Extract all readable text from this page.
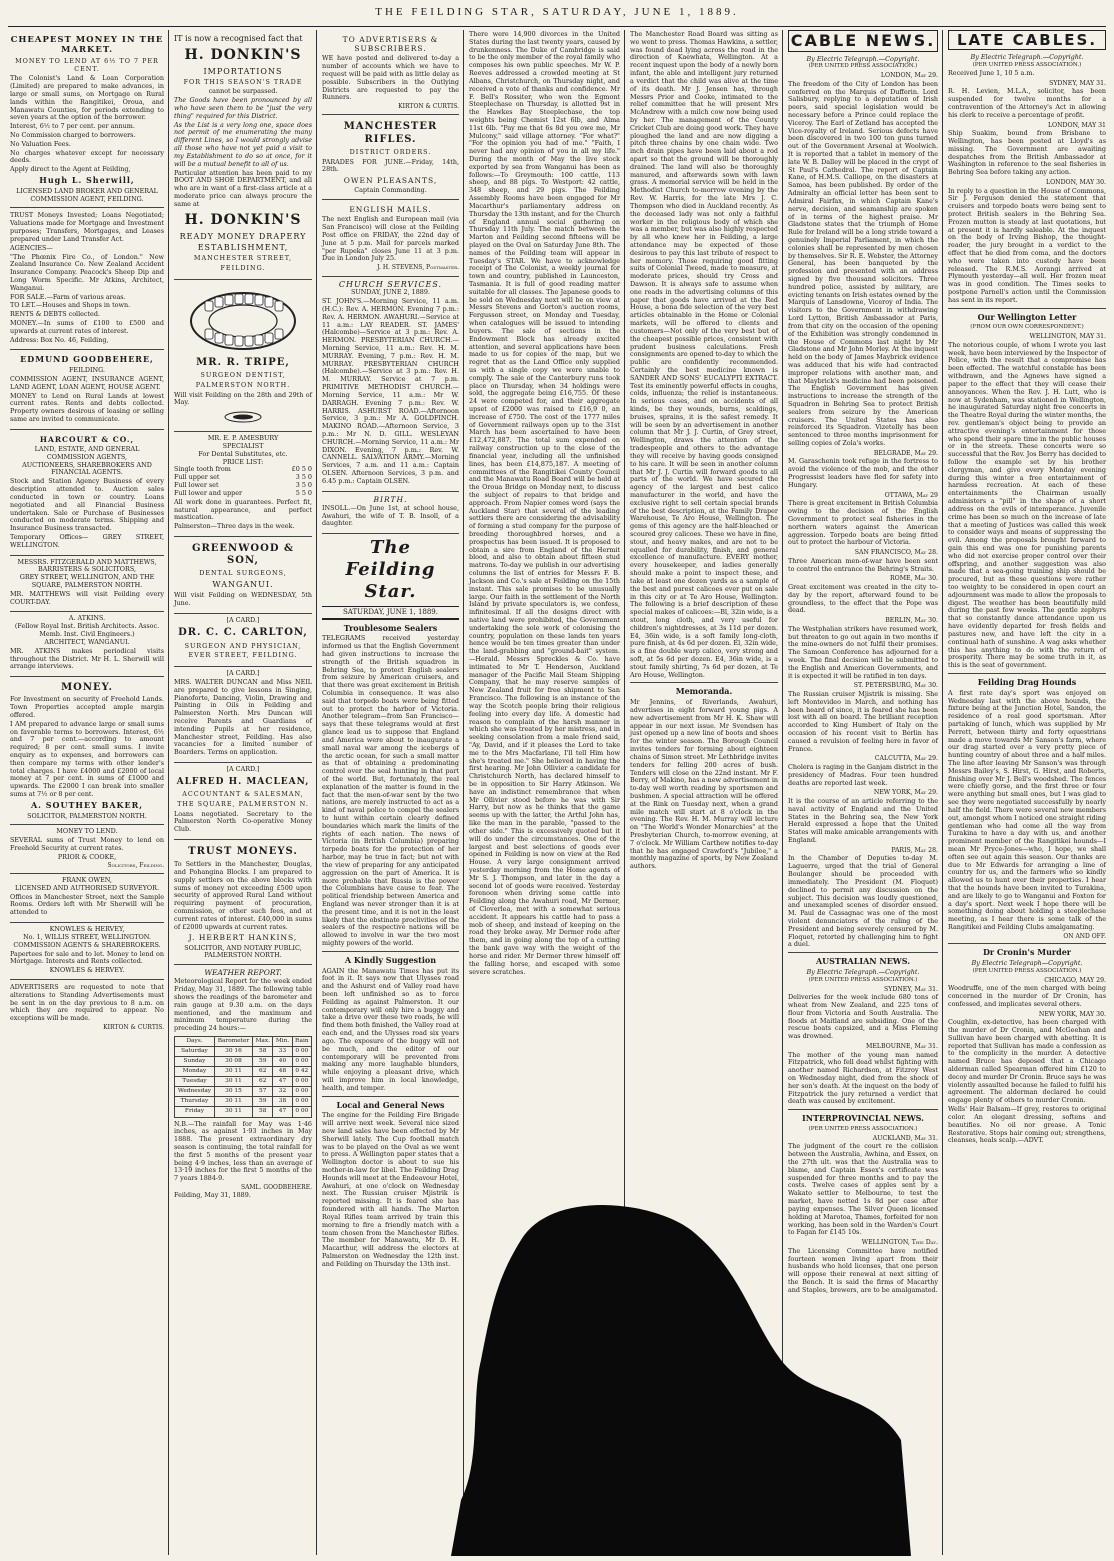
THE FEILDING STAR, SATURDAY, JUNE 1, 1889.
CHEAPEST MONEY IN THE MARKET.
MONEY TO LEND AT 6½ TO 7 PER CENT.

The Colonist's Land & Loan Corporation (Limited) are prepared to make advances, in large or small sums, on Mortgage on Rural lands within the Rangitikei, Oroua, and Manawatu Counties, for periods extending to seven years at the option of the borrower.

Interest, 6½ to 7 per cent. per annum.

No Commission charged to borrowers.

No Valuation Fees.

No charges whatever except for necessary deeds.

Apply direct to the Agent at Feilding,

Hugh L. Sherwill,
LICENSED LAND BROKER AND GENERAL COMMISSION AGENT, FEILDING.

TRUST Moneys Invested; Loans Negotiated; Valuations made for Mortgage and Investment purposes; Transfers, Mortgages, and Leases prepared under Land Transfer Act.

AGENCIES—

"The Phœnix Fire Co., of London." New Zealand Insurance Co. New Zealand Accident Insurance Company. Peacock's Sheep Dip and Long Worm Specific. Mr Atkins, Architect, Wanganui.

FOR SALE.—Farm of various areas.

TO LET.—Houses and Shops in town.

RENTS & DEBTS collected.

MONEY.—In sums of £100 to £500 and upwards at current rates of interest.

Address: Box No. 46, Feilding,

EDMUND GOODBEHERE,
FEILDING.

COMMISSION AGENT, INSURANCE AGENT, LAND AGENT, LOAN AGENT, HOUSE AGENT.

MONEY to Lend on Rural Lands at lowest current rates. Rents and debts collected. Property owners desirous of leasing or selling same are invited to communicate.

HARCOURT & CO.,
LAND, ESTATE, AND GENERAL COMMISSION AGENTS,
AUCTIONEERS, SHAREBROKERS AND FINANCIAL AGENTS.

Stock and Station Agency Business of every description attended to. Auction sales conducted in town or country. Loans negotiated and all Financial Business undertaken. Sale or Purchase of Businesses conducted on moderate terms. Shipping and Insurance Business transacted.

Temporary Offices— GREY STREET, WELLINGTON.

MESSRS. FITZGERALD AND MATTHEWS,
BARRISTERS & SOLICITORS,
GREY STREET, WELLINGTON, AND THE SQUARE, PALMERSTON NORTH.

MR. MATTHEWS will visit Feilding every COURT-DAY.

A. ATKINS.
(Fellow Royal Inst. British Architects. Assoc. Memb. Inst. Civil Engineers.)
ARCHITECT, WANGANUI.

MR. ATKINS makes periodical visits throughout the District. Mr H. L. Sherwill will arrange interviews.

MONEY.

For Investment on security of Freehold Lands. Town Properties accepted ample margin offered.

I AM prepared to advance large or small sums on favorable terms to borrowers. Interest, 6½ and 7 per cent.—according to amount required; 8 per cent. small sums. I invite enquiry as to expenses, and borrowers can then compare my terms with other lender's total charges. I have £4000 and £2000 of local money at 7 per cent. in sums of £1000 and upwards. The £2000 I can break into smaller sums at 7½ or 8 per cent.

A. SOUTHEY BAKER,
SOLICITOR, PALMERSTON NORTH.
MONEY TO LEND.

SEVERAL sums of Trust Money to lend on Freehold Security at current rates.

PRIOR & COOKE,
Solicitors, Feilding.
FRANK OWEN,
LICENSED AND AUTHORISED SURVEYOR.

Offices in Manchester Street, next the Sample Rooms. Orders left with Mr Sherwill will be attended to

KNOWLES & HERVEY,
No. 1, WILLIS STREET, WELLINGTON.
COMMISSION AGENTS & SHAREBROKERS.

Papertees for sale and to let. Money to lend on Mortgage. Interests and Rents collected.

KNOWLES & HERVEY.

ADVERTISERS are requested to note that alterations to Standing Advertisements must be sent in on the day previous to 8 a.m. on which they are required to appear. No exceptions will be made.

KIRTON & CURTIS.

IT is now a recognised fact that

H. DONKIN'S
IMPORTATIONS
FOR THIS SEASON'S TRADE
cannot be surpassed.

The Goods have been pronounced by all who have seen them to be "just the very thing" required for this District.

As the List is a very long one, space does not permit of me enumerating the many different Lines, so I would strongly advise all those who have not yet paid a visit to my Establishment to do so at once, for it will be a mutual benefit to all of us.

Particular attention has been paid to my BOOT AND SHOE DEPARTMENT, and all who are in want of a first-class article at a moderate price can always procure the same at

H. DONKIN'S
READY MONEY DRAPERY
ESTABLISHMENT,
MANCHESTER STREET,
FEILDING.
MR. R. TRIPE,
SURGEON DENTIST,
PALMERSTON NORTH.

Will visit Feilding on the 28th and 29th of May.

MR. E. P. AMESBURY
SPECIALIST
For Dental Substitutes, etc.
PRICE LIST:
Single tooth from	£0 5 0
Full upper set	3 5 0
Full lower set	3 5 0
Full lower and upper	5 5 0

All work done in guarantees. Perfect fit, natural appearance, and perfect mastication.

Palmerston—Three days in the week.

GREENWOOD & SON,
DENTAL SURGEONS,
WANGANUI.

Will visit Feilding on WEDNESDAY, 5th June.

[A CARD.]
DR. C. C. CARLTON,
SURGEON AND PHYSICIAN,
EVER STREET, FEILDING.
[A CARD.]

MRS. WALTER DUNCAN and Miss NEIL are prepared to give lessons in Singing, Pianoforte, Dancing, Violin, Drawing and Painting in Oils in Feilding and Palmerston North. Mrs Duncan will receive Parents and Guardians of intending Pupils at her residence, Manchester street, Feilding. Has also vacancies for a limited number of Boarders. Terms on application.

[A CARD.]
ALFRED H. MACLEAN,
ACCOUNTANT & SALESMAN,
THE SQUARE, PALMERSTON N.

Loans negotiated. Secretary to the Palmerston North Co-operative Money Club.

TRUST MONEYS.

To Settlers in the Manchester, Douglas, and Pohangina Blocks. I am prepared to supply settlers on the above blocks with sums of money not exceeding £500 upon security of approved Rural Land without requiring payment of procuration, commission, or other such fees, and at current rates of interest. £40,000 in sums of £2000 upwards at current rates.

J. HERBERT HANKINS,
SOLICITOR, AND NOTARY PUBLIC,
PALMERSTON NORTH.
WEATHER REPORT.

Meteorological Report for the week ended Friday, May 31, 1889. The following table shows the readings of the barometer and rain gauge at 9.30 a.m. on the days mentioned, and the maximum and minimum temperature during the preceding 24 hours:—

Days.	Barometer	Max.	Min.	Rain
Saturday	30 16	58	33	0 00
Sunday	30 08	59	40	0 00
Monday	30 11	62	48	0 42
Tuesday	30 11	62	47	0 00
Wednesday	30 15	57	32	0 00
Thursday	30 11	59	38	0 00
Friday	30 11	58	47	0 00

N.B.—The rainfall for May was 1·46 inches, as against 1·93 inches in May 1888. The present extraordinary dry season is continuing, the total rainfall for the first 5 months of the present year being 4·9 inches, less than an average of 13·19 inches for the first 5 months of the 7 years 1884-9.

SAML. GOODBEHERE.

Feilding, May 31, 1889.

TO ADVERTISERS & SUBSCRIBERS.

WE have posted and delivered to-day a number of accounts which we have to request will be paid with as little delay as possible. Subscribers in the Outlying Districts are requested to pay the Runners.

KIRTON & CURTIS.
MANCHESTER RIFLES.
DISTRICT ORDERS.

PARADES FOR JUNE.—Friday, 14th, 28th.

OWEN PLEASANTS,
Captain Commanding.
ENGLISH MAILS.

The next English and European mail (via San Francisco) will close at the Feilding Post office on FRIDAY, the 22nd day of June at 5 p.m. Mail for parcels marked "per Rupeka" closes June 11 at 3 p.m. Due in London July 25.

J. H. STEVENS, Postmaster.
CHURCH SERVICES.
SUNDAY, JUNE 2, 1889.

ST. JOHN'S.—Morning Service, 11 a.m. (H.C.): Rev. A. HERMON. Evening 7 p.m.: Rev. A. HERMON. AWAHURI.—Service at 11 a.m.: LAY READER. ST. JAMES' (Halcombe)—Service at 3 p.m.: Rev. A. HERMON. PRESBYTERIAN CHURCH.—Morning Service, 11 a.m.: Rev. H. M. MURRAY. Evening, 7 p.m.: Rev. H. M. MURRAY. PRESBYTERIAN CHURCH (Halcombe).—Service at 3 p.m.: Rev. H. M. MURRAY. Service at 7 p.m. PRIMITIVE METHODIST CHURCH.—Morning Service, 11 a.m.: Mr W. DARRAGH. Evening 7 p.m.: Rev. W. HARRIS. ASHURST ROAD.—Afternoon Service, 3 p.m.: Mr A. GOLDFINCH. MAKINO ROAD.—Afternoon Service, 3 p.m.: Mr N. D. GILL. WESLEYAN CHURCH.—Morning Service, 11 a.m.: Mr DIXON. Evening, 7 p.m.: Rev. W. CANNELL. SALVATION ARMY.—Morning Services, 7 a.m. and 11 a.m.: Captain OLSEN. Afternoon Services, 3 p.m. and 6.45 p.m.: Captain OLSEN.

BIRTH.

INSOLL.—On June 1st, at school house, Awahuri, the wife of T. B. Insoll, of a daughter.

The Feilding Star.
SATURDAY, JUNE 1, 1889.
Troublesome Sealers

TELEGRAMS received yesterday informed us that the English Government had given instructions to increase the strength of the British squadron in Behring Sea, to protect English sealers from seizure by American cruisers, and that there was great excitement in British Columbia in consequence. It was also said that torpedo boats were being fitted out to protect the harbor of Victoria. Another telegram—from San Francisco—says that these telegrams would at first glance lead us to suppose that England and America were about to inaugurate a small naval war among the icebergs of the arctic ocean, for such a small matter as that of obtaining a predominating control over the seal hunting in that part of the world. But, fortunately, the real explanation of the matter is found in the fact that the men-of-war sent by the two nations, are merely instructed to act as a kind of naval police to compel the sealers to hunt within certain clearly defined boundaries which mark the limits of the rights of each nation. The news of Victoria (in British Columbia) preparing torpedo boats for the protection of her harbor, may be true in fact; but not with the view of preparing for any anticipated aggression on the part of America. It is more probable that Russia is the power the Columbians have cause to fear. The political friendship between America and England was never stronger than it is at the present time, and it is not in the least likely that the obstinate proclivities of the sealers of the respective nations will be allowed to involve in war the two most mighty powers of the world.

A Kindly Suggestion

AGAIN the Manawatu Times has put its foot in it. It says now that Ulysses road and the Ashurst end of Valley road have been left unfinished so as to force Feilding as against Palmerston. It our contemporary will only hire a buggy and take a drive over these two roads, he will find them both finished, the Valley road at each end, and the Ulysses road six years ago. The exposure of the buggy will not be much, and the editor of our contemporary will be prevented from making any more laughable blunders, while enjoying a pleasant drive, which will improve him in local knowledge, health, and temper.

Local and General News

The engine for the Feilding Fire Brigade will arrive next week. Several nice sized new land sales have been effected by Mr Sherwill lately. The Cup football match was to be played on the Oval as we went to press. A Wellington paper states that a Wellington doctor is about to sue his mother-in-law for libel. The Feilding Drag Hounds will meet at the Endeavour Hotel, Awahuri, at one o'clock on Wednesday next. The Russian cruiser Mjistrik is reported missing. It is feared she has foundered with all hands. The Marton Royal Rifles team arrived by train this morning to fire a friendly match with a team chosen from the Manchester Rifles. The member for Manawatu, Mr D. H. Macarthur, will address the electors at Palmerston on Wednesday the 12th inst. and Feilding on Thursday the 13th inst.

There were 14,900 divorces in the United States during the last twenty years, caused by drunkenness. The Duke of Cambridge is said to be the only member of the royal family who composes his own public speeches. Mr W. P. Reeves addressed a crowded meeting at St Albans, Christchurch, on Thursday night, and received a vote of thanks and confidence. Mr F. Bell's Rossiter, who won the Egmont Steeplechase on Thursday, is allotted 9st in the Hawkes Bay Steeplechase, the top weights being Chemist 12st 6lb, and Alma 11st 6lb. "Pay me that 6s 8d you owe me, Mr Mulcony," said village attorney. "For what?" "For the opinion you had of me." "Faith, I never had any opinion of you in all my life." During the month of May the live stock exported by sea from Wanganui has been as follows:—To Greymouth: 100 cattle, 113 sheep, and 88 pigs. To Westport: 42 cattle, 348 sheep, and 29 pigs. The Feilding Assembly Rooms have been engaged for Mr Macarthur's parliamentary address on Thursday the 13th instant, and for the Church of England annual social gathering on Thursday 11th July. The match between the Marton and Feilding second fifteens will be played on the Oval on Saturday June 8th. The names of the Feilding team will appear in Tuesday's STAR. We have to acknowledge receipt of The Colonist, a weekly journal for town and country, published in Launceston, Tasmania. It is full of good reading matter suitable for all classes. The Japanese goods to be sold on Wednesday next will be on view at Messrs Stevens and Gorton's auction rooms, Fergusson street, on Monday and Tuesday, when catalogues will be issued to intending buyers. The sale of sections in the Endowment Block has already excited attention, and several applications have been made to us for copies of the map, but we regret that as the Land Office only supplied us with a single copy we were unable to comply. The sale of the Canterbury runs took place on Thursday, when 34 holdings were sold, the aggregate being £16,755. Of these 24 were competed for, and their aggregate upset of £2000 was raised to £16,9 0, an increase of £750. The cost of the 1777 miles of Government railways open up to the 31st March has been ascertained to have been £12,472,887. The total sum expended on railway construction up to the close of the financial year, including all the unfinished lines, has been £14,875,187. A meeting of committees of the Rangitikei County Council and the Manawatu Road Board will be held at the Oroua Bridge on Monday next, to discuss the subject of repairs to that bridge and approach. From Napier comes word (says the Auckland Star) that several of the leading settlers there are considering the advisability of forming a stud company for the purpose of breeding thoroughbred horses, and a prospectus has been issued. It is proposed to obtain a sire from England of the Hermit blood, and also to obtain about fifteen stud matrons. To-day we publish in our advertising columns the list of entries for Messrs F. B. Jackson and Co.'s sale at Feilding on the 15th instant. This sale promises to be unusually large. Our faith in the settlement of the North Island by private speculators is, we confess, infinitesimal. If all the designs direct with native land were prohibited, the Government undertaking the sole work of colonising the country, population on these lands ten years hence would be ten times greater than under the land-grabbing and "ground-bait" system.—Herald. Messrs Spreckles & Co. have intimated to Mr T. Henderson, Auckland manager of the Pacific Mail Steam Shipping Company, that he may reserve samples of New Zealand fruit for free shipment to San Francisco. The following is an instance of the way the Scotch people bring their religious feeling into every day life. A domestic had reason to complain of the harsh manner in which she was treated by her mistress, and in seeking consolation from a male friend said, "Ay, David, and if it pleases the Lord to take me to the Mrs Macfarlane, I'll tell Him how she's treated me." She believed in having the first hearing. Mr John Ollivier a candidate for Christchurch North, has declared himself to be in opposition to Sir Harry Atkinson. We have an indistinct remembrance that when Mr Ollivier stood before he was with Sir Harry, but now as he thinks that the game seems up with the latter, the Artful John has, like the man in the parable, "passed to the other side." This is excessively quoted but it will do under the circumstances. One of the largest and best selections of goods ever opened in Feilding is now on view at the Red House. A very large consignment arrived yesterday morning from the Home agents of Mr S. J. Thompson, and later in the day a second lot of goods were received. Yesterday forenoon when driving some cattle into Feilding along the Awahuri road, Mr Dermer, of Cloverlea, met with a somewhat serious accident. It appears his cattle had to pass a mob of sheep, and instead of keeping on the road they broke away. Mr Dermer rode after them, and in going along the top of a cutting the bank gave way with the weight of the horse and rider. Mr Dermer threw himself off the falling horse, and escaped with some severe scratches.

The Manchester Road Board was sitting as we went to press. Thomas Hawkins, a settler, was found dead lying across the road in the direction of Kaewhata, Wellington. At a recent inquest upon the body of a newly born infant, the able and intelligent jury returned a verdict that the child was alive at the time of its death. Mr J. Jensen has, through Messrs Prior and Cooke, intimated to the relief committee that he will present Mrs McAndrew with a milch cow now being used by her. The management of the County Cricket Club are doing good work. They have ploughed the land and are now digging a pitch three chains by one chain wide. Two inch drain pipes have been laid about a rod apart so that the ground will be thoroughly drained. The land will also be thoroughly manured, and afterwards sown with lawn grass. A memorial service will be held in the Methodist Church to-morrow evening by the Rev. W. Harris, for the late Mrs J. C. Thompson who died in Auckland recently. As the deceased lady was not only a faithful worker in the religious body of which she was a member, but was also highly respected by all who knew her in Feilding, a large attendance may be expected of those desirous to pay this last tribute of respect to her memory. Those requiring good fitting suits of Colonial Tweed, made to measure, at moderate prices, should try Cross and Dawson. It is always safe to assume when one reads in the advertising columns of this paper that goods have arrived at the Red House, a bona fide selection of the very best articles obtainable in the Home or Colonial markets, will be offered to clients and customers—Not only of the very best but of the cheapest possible prices, consistent with prudent business calculations. Fresh consignments are opened to-day to which the public are confidently recommended. Certainly the best medicine known is SANDER AND SONS' EUCALYPTI EXTRACT. Test its eminently powerful effects in coughs, colds, influenza; the relief is instantaneous. In serious cases, and on accidents of all kinds, be they wounds, burns, scaldings, bruises, sprains, it is the safest remedy. It will be seen by an advertisement in another column that Mr J. J. Curtin, of Grey street, Wellington, draws the attention of the tradespeople and others to the advantage they will receive by having goods consigned to his care. It will be seen in another column that Mr J. J. Curtin will forward goods to all parts of the world. We have secured the agency of the largest and best calico manufacturer in the world, and have the exclusive right to sell certain special brands of the best description, at the Family Draper Warehouse, Te Aro House, Wellington. The gems of this agency are the half-bleached or scoured grey calicoes. These we have in fine, stout, and heavy makes, and are not to be equalled for durability, finish, and general excellence of manufacture. EVERY mother, every housekeeper, and ladies generally should make a point to inspect these, and take at least one dozen yards as a sample of the best and purest calicoes ever put on sale in this city or at Te Aro House, Wellington. The following is a brief description of these special makes of calicoes:—Bl, 32in wide, is a stout, long cloth, and very useful for children's nightdresses, at 3s 11d per dozen. E4, 36in wide, is a soft family long-cloth, pure finish, at 4s 6d per dozen. El, 32in wide, is a fine double warp calico, very strong and soft, at 5s 6d per dozen. E4, 36in wide, is a stout family shirting, 7s 6d per dozen, at Te Aro House, Wellington.

Memoranda.

Mr Jennins, of Riverlands, Awahuri, advertises in eight forward young pigs. A new advertisement from Mr H. K. Shaw will appear in our next issue. Mr Svendsen has just opened up a new line of boots and shoes for the winter season. The Borough Council invites tenders for forming about eighteen chains of Simon street. Mr Lethbridge invites tenders for felling 200 acres of bush. Tenders will close on the 22nd instant. Mr F. Berry, of Makino, has a new advertisement in to-day well worth reading by sportsmen and bushmen. A special attraction will be offered at the Rink on Tuesday next, when a grand mile match will start at 8 o'clock in the evening. The Rev. H. M. Murray will lecture on "The World's Wonder Monarchies" at the Presbyterian Church, to-morrow evening, at 7 o'clock. Mr William Carthew notifies to-day that he has engaged Crawford's "Jubilee," a monthly magazine of sports, by New Zealand authors.

CABLE NEWS.
By Electric Telegraph.—Copyright.
(PER UNITED PRESS ASSOCIATION.)
LONDON, May 29.

The freedom of the City of London has been conferred on the Marquis of Dufferin. Lord Salisbury, replying to a deputation of Irish peers, said special legislation would be necessary before a Prince could replace the Viceroy. The Earl of Zetland has accepted the Vice-royalty of Ireland. Serious defects have been discovered in two 100 ton guns turned out of the Government Arsenal at Woolwich. It is reported that a tablet in memory of the late W. B. Dalley will be placed in the crypt of St Paul's Cathedral. The report of Captain Kane, of H.M.S. Calliope, on the disasters at Samoa, has been published. By order of the Admiralty an official letter has been sent to Admiral Fairfax, in which Captain Kane's nerve, decision, and seamanship are spoken of in terms of the highest praise. Mr Gladstone states that the triumph of Home Rule for Ireland will be a long stride toward a genuinely Imperial Parliament, in which the colonies shall be represented by men chosen by themselves. Sir R. E. Webster, the Attorney General, has been banqueted by the profession and presented with an address signed by five thousand solicitors. Three hundred police, assisted by military, are evicting tenants on Irish estates owned by the Marquis of Lansdowne, Viceroy of India. The visitors to the Government in withdrawing Lord Lytton, British Ambassador at Paris, from that city on the occasion of the opening of the Exhibition was strongly condemned in the House of Commons last night by Mr Gladstone and Mr John Morley. At the inquest held on the body of James Maybrick evidence was adduced that his wife had contracted improper relations with another man, and that Maybrick's medicine had been poisoned. The English Government has given instructions to increase the strength of the Squadron in Behring Sea to protect British sealers from seizure by the American cruisers. The United States has also reinforced its Squadron. Vizetelly has been sentenced to three months imprisonment for selling copies of Zola's works.

BELGRADE, May 29.

M. Garaschenin took refuge in the fortress to avoid the violence of the mob, and the other Progressist leaders have fled for safety into Hungary.

OTTAWA, May 29

There is great excitement in British Columbia owing to the decision of the English Government to protect seal fisheries in the northern waters against the American aggression. Torpedo boats are being fitted out to protect the harbour of Victoria.

SAN FRANCISCO, May 28.

Three American men-of-war have been sent to control the entrance the Behring's Straits.

ROME, May 30.

Great excitement was created in the city to-day by the report, afterward found to be groundless, to the effect that the Pope was dead.

BERLIN, May 30.

The Westphalian strikers have resumed work, but threaten to go out again in two months if the mine-owners do not fulfil their promises. The Samoan Conference has adjourned for a week. The final decision will be submitted to the English and American Governments, and it is expected it will be ratified in ten days.

ST. PETERSBURG, May 30.

The Russian cruiser Mjistrik is missing. She left Montevideo in March, and nothing has been heard of since, it is feared she has been lost with all on board. The brilliant reception accorded to King Humbert of Italy on the occasion of his recent visit to Berlin has caused a revulsion of feeling here in favor of France.

CALCUTTA, May 29.

Cholera is raging in the Ganjam district in the presidency of Madras. Four teen hundred deaths are reported last week.

NEW YORK, May 29.

It is the course of an article referring to the naval activity of England and the United States in the Behring sea, the New York Herald expressed a hope that the United States will make amicable arrangements with England.

PARIS, May 28.

In the Chamber of Deputies to-day M. Laguerre, urged that the trial of General Boulanger should be proceeded with immediately. The President (M. Floquet) declined to permit any discussion on the subject. This decision was loudly questioned, and unexampled scenes of disorder ensued. M. Paul de Cassagnac was one of the most violent denunciators of the ruling of the President and being severely censured by M. Floquet, retorted by challenging him to fight a duel.

AUSTRALIAN NEWS.
By Electric Telegraph.—Copyright.
(PER UNITED PRESS ASSOCIATION.)
SYDNEY, May 31.

Deliveries for the week include 680 tons of wheat from New Zealand, and 225 tons of flour from Victoria and South Australia. The floods at Maitland are subsiding. One of the rescue boats capsized, and a Miss Fleming was drowned.

MELBOURNE, May 31.

The mother of the young man named Fitzpatrick, who fell dead whilst fighting with another named Richardson, at Fitzroy West on Wednesday night, died from the shock of her son's death. At the inquest on the body of Fitzpatrick the jury returned a verdict that death was caused by excitement.

INTERPROVINCIAL NEWS.
(PER UNITED PRESS ASSOCIATION.)
AUCKLAND, May 31.

The judgment of the court re the collision between the Australia, Awhina, and Essex, on the 27th ult. was that the Australia was to blame, and Captain Essex's certificate was suspended for three months and to pay the costs. Twelve cases of apples sent by a Wakato settler to Melbourne, to test the market, have netted 1s 8d per case after paying expenses. The Silver Queen licensed holding at Marotoa, Thames, forfeited for non working, has been sold in the Warden's Court to Fagan for £145 10s.

WELLINGTON, This Day.

The Licensing Committee have notified fourteen women living apart from their husbands who hold licenses, that one person will oppose their renewal at next sitting of the Bench. It is said the firms of Macarthy and Staples, brewers, are to be amalgamated.

LATE CABLES.
By Electric Telegraph.—Copyright.
(PER UNITED PRESS ASSOCIATION.)

Received June 1, 10 5 a.m.

SYDNEY, MAY 31.

R. H. Levien, M.L.A., solicitor, has been suspended for twelve months for a contravention of the Attorney's Act in allowing his clerk to receive a percentage of profit.

LONDON, MAY 31

Ship Suakim, bound from Brisbane to Wellington, has been posted at Lloyd's as missing. The Government are awaiting despatches from the British Ambassador at Washington in reference to the seal fisheries in Behring Sea before taking any action.

LONDON, MAY 30.

In reply to a question in the House of Commons, Sir J. Ferguson denied the statement that cruisers and torpedo boats were being sent to protect British sealers in the Behring Sea. Frozen mutton is steady at last quotations, but at present it is hardly saleable. At the inquest on the body of Irving Bishop, the thought-reader, the jury brought in a verdict to the effect that he died from coma, and the doctors who were taken into custody have been released. The R.M.S. Aorangi arrived at Plymouth yesterday—all well. Her frozen meat was in good condition. The Times seeks to postpone Parnell's action until the Commission has sent in its report.

Our Wellington Letter
(FROM OUR OWN CORRESPONDENT.)
WELLINGTON, MAY 31.

The notorious couple, of whom I wrote you last week, have been interviewed by the Inspector of Police, with the result that a compromise has been effected. The watchful constable has been withdrawn, and the Agnews have signed a paper to the effect that they will cease their annoyances. When the Rev. J. H. Lutt, who is now at Sydenham, was stationed in Wellington, he inaugurated Saturday night free concerts in the Theatre Royal during the winter months, the rev. gentleman's object being to provide an attractive evening's entertainment for those who spend their spare time in the public houses or in the streets. These concerts were so successful that the Rev. Jos Berry has decided to follow the example set by his brother clergyman, and give every Monday evening during this winter a free entertainment of harmless recreation. At each of these entertainments the Chairman usually administers a "pill" in the shape of a short address on the evils of intemperance. Juvenile crime has been so much on the increase of late that a meeting of Justices was called this week to consider ways and means of suppressing the evil. Among the proposals brought forward to gain this end was one for punishing parents who did not exercise proper control over their offspring, and another suggestion was also made that a sea-going training ship should be procured, but as these questions were rather too weighty to be considered in open court an adjournment was made to allow the proposals to digest. The weather has been beautifully mild during the past few weeks. The gentle zephyrs that so constantly dance attendance upon us have evidently departed for fresh fields and pastures new, and have left the city in a continual hath of sunshine. A wag asks whether this has anything to do with the return of prosperity. There may be some truth in it, as this is the seat of government.

Feilding Drag Hounds

A first rate day's sport was enjoyed on Wednesday last with the above hounds, the fixture being at the Junction Hotel, Sandon, the residence of a real good sportsman. After partaking of lunch, which was supplied by Mr Perrett, between thirty and forty equestrians made a move towards Mr Sanson's farm, where our drag started over a very pretty piece of hunting country of about three and a half miles. The line after leaving Mr Sanson's was through Messrs Bailey's, S. Hirst, G. Hirst, and Roberts, finishing over Mr J. Bell's woodshed. The fences were chiefly gorse, and the first three or four were anything but small ones, but I was glad to see they were negotiated successfully by nearly half the field. There were several new members out, amongst whom I noticed one straight riding gentleman who had come all the way from Turakina to have a day with us, and another prominent member of the Rangitikei hounds—I mean Mr Pryce-Jones—who, I hope, we shall often see out again this season. Our thanks are due to Mr Edwards for arranging a line of country for us, and the farmers who so kindly allowed us to hunt over their properties. I hear that the hounds have been invited to Turakina, and are likely to go to Wanganui and Foxton for a day's sport. Next week I hope there will be something doing about holding a steeplechase meeting, as I hear there is some talk of the Rangitikei and Feilding Clubs amalgamating.

ON AND OFF.
Dr Cronin's Murder
By Electric Telegraph—Copyright.
(PER UNITED PRESS ASSOCIATION.)
CHICAGO, MAY 29.

Woodruffe, one of the men charged with being concerned in the murder of Dr Cronin, has confessed, and implicates several others.

NEW YORK, MAY 30.

Coughlin, ex-detective, has been charged with the murder of Dr Cronin, and McGeehan and Sullivan have been charged with abetting. It is reported that Sullivan has made a confession as to the complicity in the murder. A detective named Bruce has deposed that a Chicago alderman called Spearman offered him £120 to decoy and murder Dr Cronin. Bruce says he was violently assaulted because he failed to fulfil his agreement. The alderman declared he could engage plenty of others to murder Cronin.

Wells' Hair Balsam—If grey, restores to original color. An elegant dressing, softens and beautifies. No oil nor grease. A Tonic Restorative. Stops hair coming out; strengthens, cleanses, heals scalp.—ADVT.
